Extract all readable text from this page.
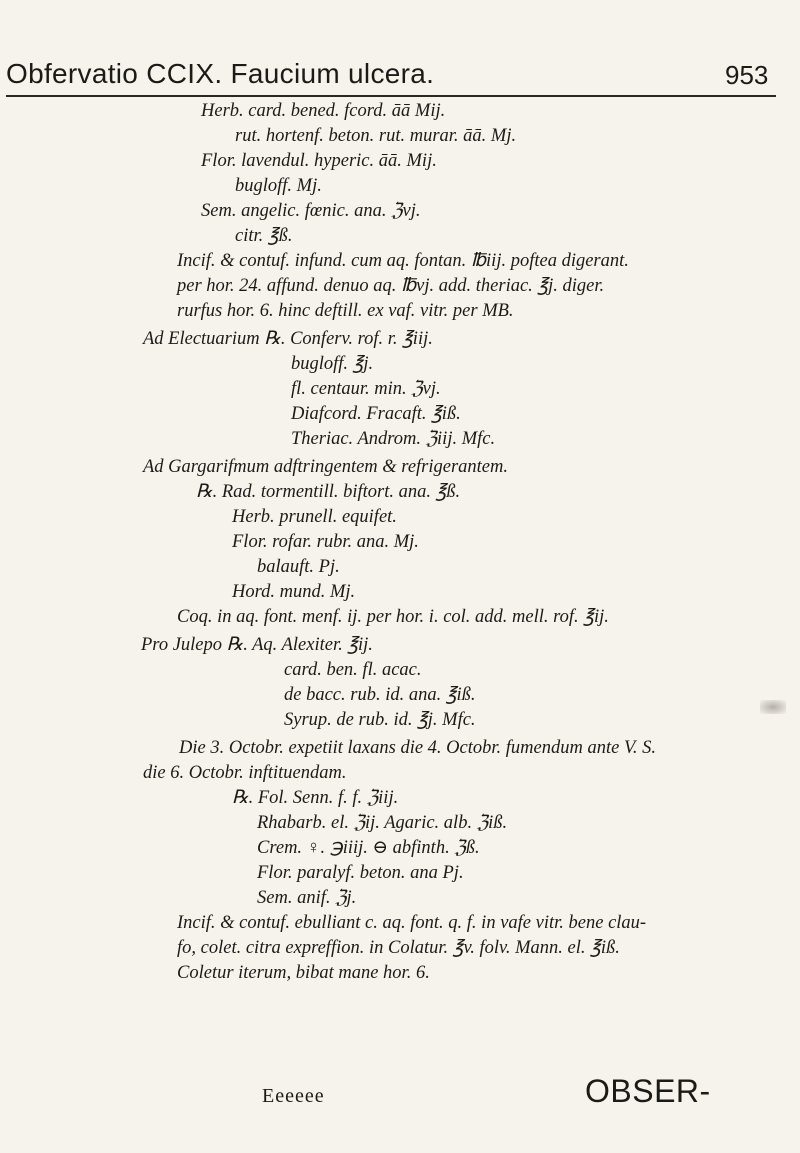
Obfervatio CCIX. Faucium ulcera.	953
Herb. card. bened. fcord. āā Mij.
rut. hortenf. beton. rut. murar. āā. Mj.
Flor. lavendul. hyperic. āā. Mij.
bugloff. Mj.
Sem. angelic. fœnic. ana. ℨvj.
citr. ℥ß.
Incif. & contuf. infund. cum aq. fontan. ℔iij. poftea digerant.
per hor. 24. affund. denuo aq. ℔vj. add. theriac. ℥j. diger.
rurfus hor. 6. hinc deftill. ex vaf. vitr. per MB.
Ad Electuarium ℞. Conferv. rof. r. ℥iij.
bugloff. ℥j.
fl. centaur. min. ℨvj.
Diafcord. Fracaft. ℥iß.
Theriac. Androm. ℨiij. Mfc.
Ad Gargarifmum adftringentem & refrigerantem.
℞. Rad. tormentill. biftort. ana. ℥ß.
Herb. prunell. equifet.
Flor. rofar. rubr. ana. Mj.
balauft. Pj.
Hord. mund. Mj.
Coq. in aq. font. menf. ij. per hor. i. col. add. mell. rof. ℥ij.
Pro Julepo ℞. Aq. Alexiter. ℥ij.
card. ben. fl. acac.
de bacc. rub. id. ana. ℥iß.
Syrup. de rub. id. ℥j. Mfc.
Die 3. Octobr. expetiit laxans die 4. Octobr. fumendum ante V. S.
die 6. Octobr. inftituendam.
℞. Fol. Senn. f. f. ℨiij.
Rhabarb. el. ℨij. Agaric. alb. ℨiß.
Crem. ♀. ℈iiij. ⊖ abfinth. ℨß.
Flor. paralyf. beton. ana Pj.
Sem. anif. ℨj.
Incif. & contuf. ebulliant c. aq. font. q. f. in vafe vitr. bene clau-
fo, colet. citra expreffion. in Colatur. ℥v. folv. Mann. el. ℥iß.
Coletur iterum, bibat mane hor. 6.
Eeeeee	OBSER-
